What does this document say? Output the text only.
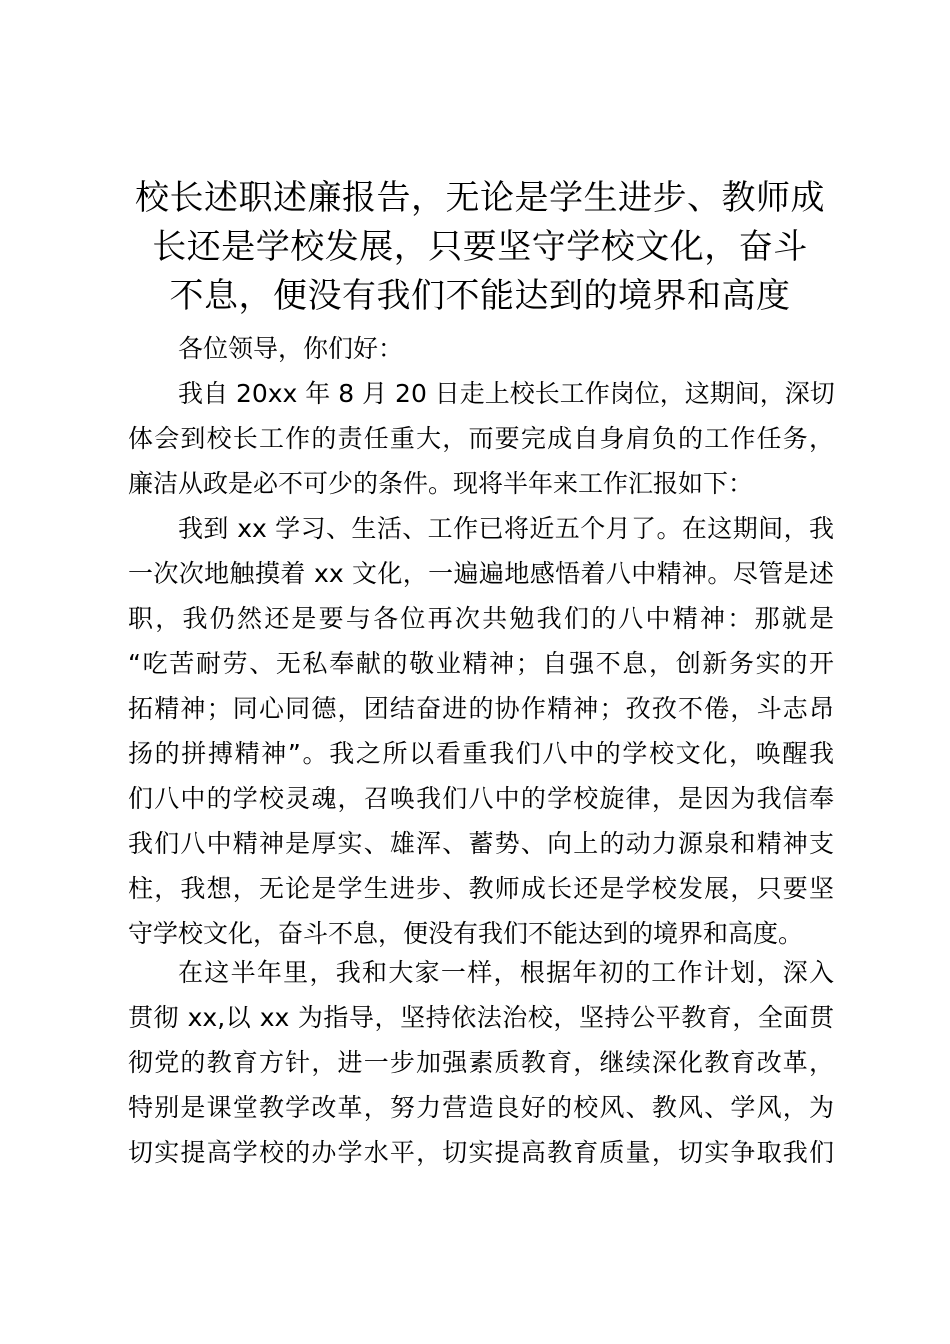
校长述职述廉报告，无论是学生进步、教师成
长还是学校发展，只要坚守学校文化，奋斗
不息，便没有我们不能达到的境界和高度
各位领导，你们好：
我自 20xx 年 8 月 20 日走上校长工作岗位，这期间，深切
体会到校长工作的责任重大，而要完成自身肩负的工作任务，
廉洁从政是必不可少的条件。现将半年来工作汇报如下：
我到 xx 学习、生活、工作已将近五个月了。在这期间，我
一次次地触摸着 xx 文化，一遍遍地感悟着八中精神。尽管是述
职，我仍然还是要与各位再次共勉我们的八中精神：那就是
“吃苦耐劳、无私奉献的敬业精神；自强不息，创新务实的开
拓精神；同心同德，团结奋进的协作精神；孜孜不倦，斗志昂
扬的拼搏精神”。我之所以看重我们八中的学校文化，唤醒我
们八中的学校灵魂，召唤我们八中的学校旋律，是因为我信奉
我们八中精神是厚实、雄浑、蓄势、向上的动力源泉和精神支
柱，我想，无论是学生进步、教师成长还是学校发展，只要坚
守学校文化，奋斗不息，便没有我们不能达到的境界和高度。
在这半年里，我和大家一样，根据年初的工作计划，深入
贯彻 xx,以 xx 为指导，坚持依法治校，坚持公平教育，全面贯
彻党的教育方针，进一步加强素质教育，继续深化教育改革，
特别是课堂教学改革，努力营造良好的校风、教风、学风，为
切实提高学校的办学水平，切实提高教育质量，切实争取我们
